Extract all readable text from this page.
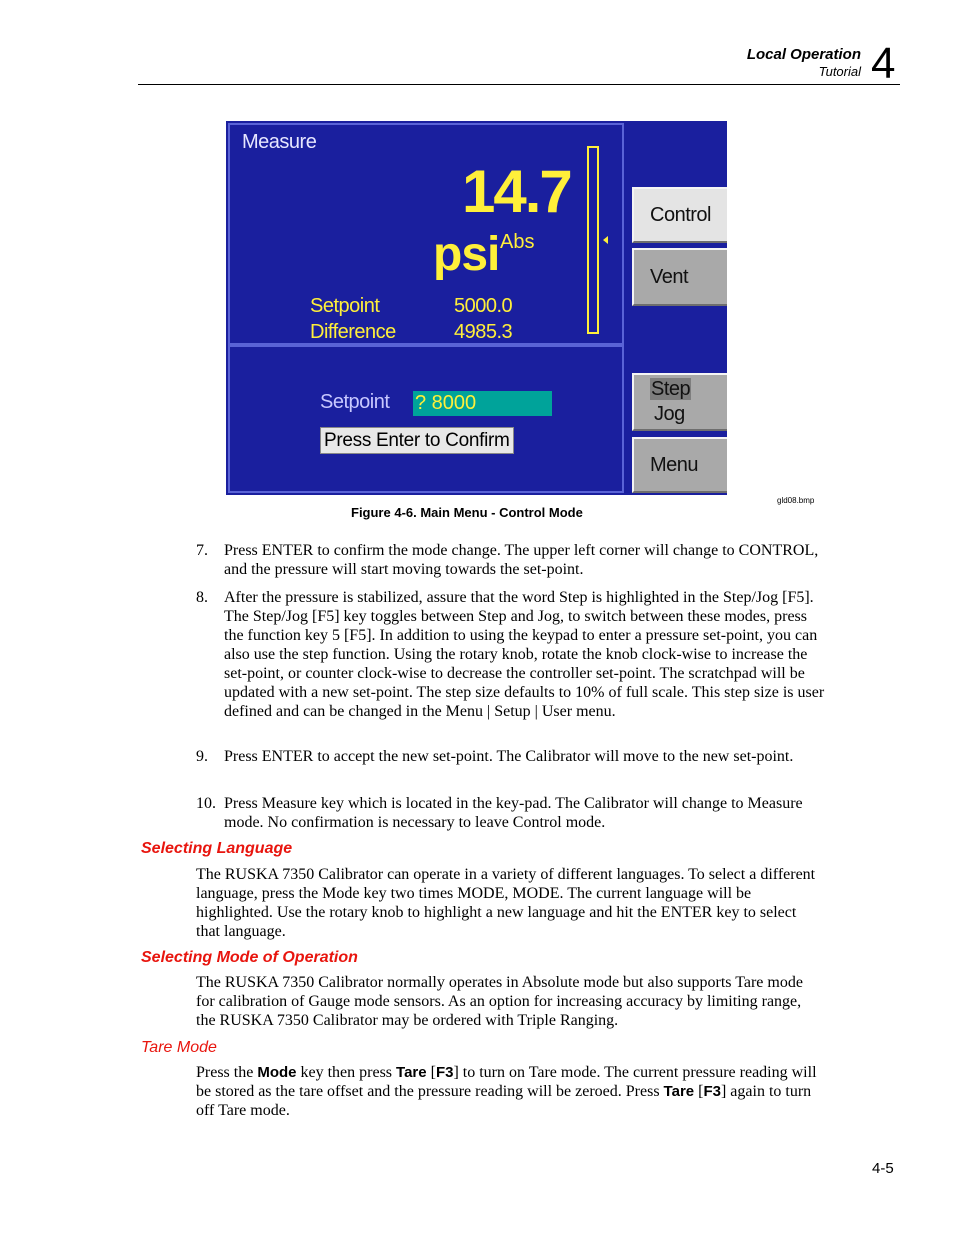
Local Operation
Tutorial 4
Measure
14.7
psi Abs
Setpoint	5000.0
Difference	4985.3
Setpoint ? 8000
Press Enter to Confirm
Control
Vent
Step
Jog
Menu
gld08.bmp
Figure 4-6. Main Menu - Control Mode
7. Press ENTER to confirm the mode change. The upper left corner will change to CONTROL, and the pressure will start moving towards the set-point.
8. After the pressure is stabilized, assure that the word Step is highlighted in the Step/Jog [F5]. The Step/Jog [F5] key toggles between Step and Jog, to switch between these modes, press the function key 5 [F5]. In addition to using the keypad to enter a pressure set-point, you can also use the step function. Using the rotary knob, rotate the knob clock-wise to increase the set-point, or counter clock-wise to decrease the controller set-point. The scratchpad will be updated with a new set-point. The step size defaults to 10% of full scale. This step size is user defined and can be changed in the Menu | Setup | User menu.
9. Press ENTER to accept the new set-point. The Calibrator will move to the new set-point.
10. Press Measure key which is located in the key-pad. The Calibrator will change to Measure mode. No confirmation is necessary to leave Control mode.
Selecting Language
The RUSKA 7350 Calibrator can operate in a variety of different languages. To select a different language, press the Mode key two times MODE, MODE. The current language will be highlighted. Use the rotary knob to highlight a new language and hit the ENTER key to select that language.
Selecting Mode of Operation
The RUSKA 7350 Calibrator normally operates in Absolute mode but also supports Tare mode for calibration of Gauge mode sensors. As an option for increasing accuracy by limiting range, the RUSKA 7350 Calibrator may be ordered with Triple Ranging.
Tare Mode
Press the Mode key then press Tare [F3] to turn on Tare mode. The current pressure reading will be stored as the tare offset and the pressure reading will be zeroed. Press Tare [F3] again to turn off Tare mode.
4-5
